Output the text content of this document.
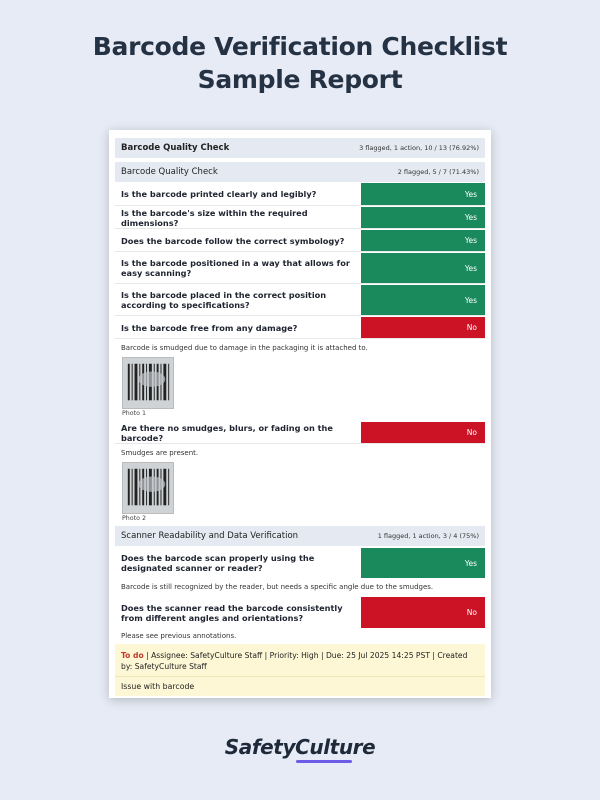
Barcode Verification Checklist
Sample Report
Barcode Quality Check	3 flagged, 1 action, 10 / 13 (76.92%)
Barcode Quality Check	2 flagged, 5 / 7 (71.43%)
Is the barcode printed clearly and legibly?	Yes
Is the barcode's size within the required dimensions?	Yes
Does the barcode follow the correct symbology?	Yes
Is the barcode positioned in a way that allows for easy scanning?	Yes
Is the barcode placed in the correct position according to specifications?	Yes
Is the barcode free from any damage?	No
Barcode is smudged due to damage in the packaging it is attached to.
Photo 1
Are there no smudges, blurs, or fading on the barcode?	No
Smudges are present.
Photo 2
Scanner Readability and Data Verification	1 flagged, 1 action, 3 / 4 (75%)
Does the barcode scan properly using the designated scanner or reader?	Yes
Barcode is still recognized by the reader, but needs a specific angle due to the smudges.
Does the scanner read the barcode consistently from different angles and orientations?	No
Please see previous annotations.
To do | Assignee: SafetyCulture Staff | Priority: High | Due: 25 Jul 2025 14:25 PST | Created by: SafetyCulture Staff
Issue with barcode
SafetyCulture
